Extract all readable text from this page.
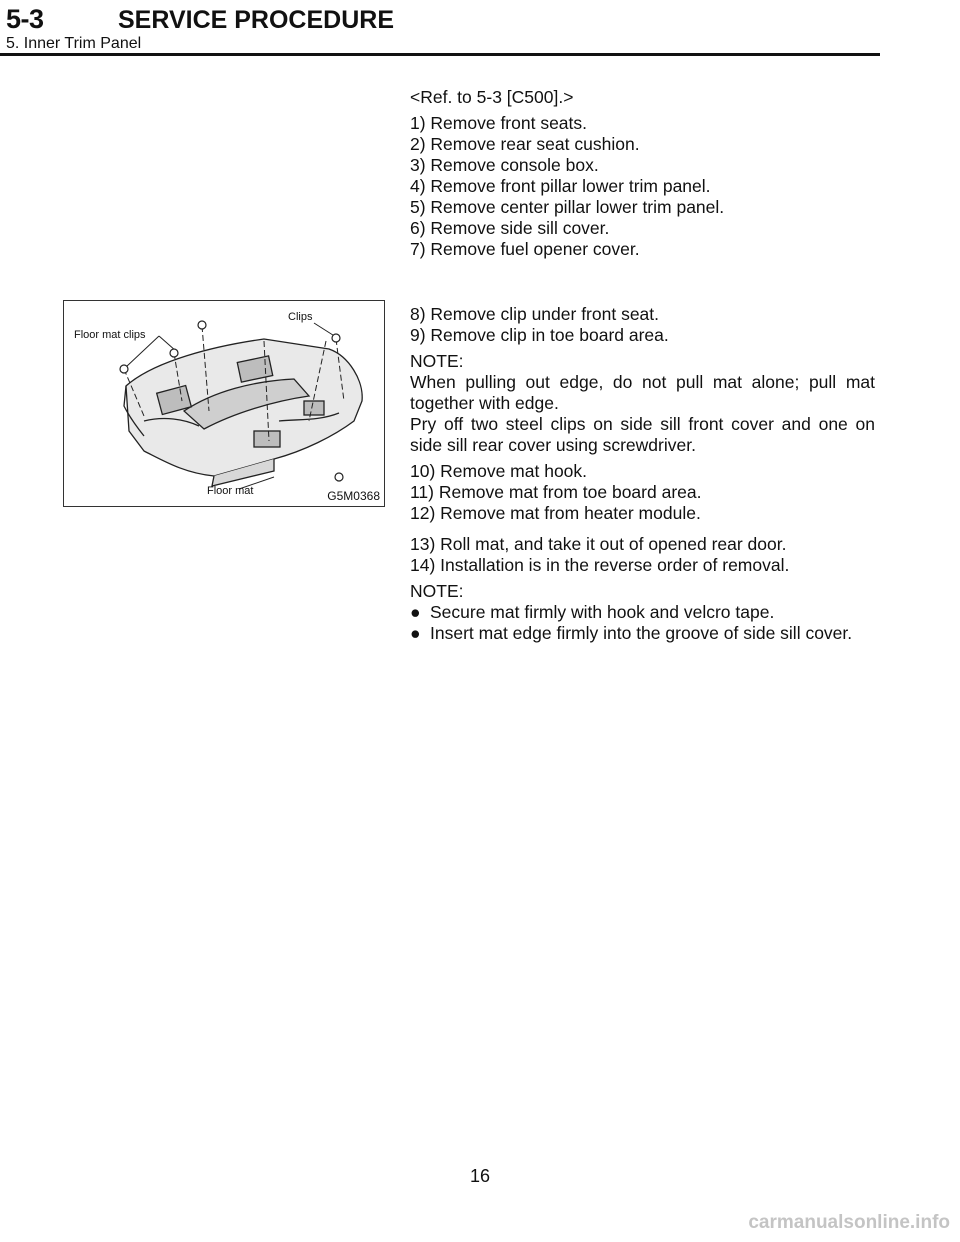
5-3	SERVICE PROCEDURE
5. Inner Trim Panel
<Ref. to 5-3 [C500].>
1) Remove front seats.
2) Remove rear seat cushion.
3) Remove console box.
4) Remove front pillar lower trim panel.
5) Remove center pillar lower trim panel.
6) Remove side sill cover.
7) Remove fuel opener cover.
Floor mat clips
Clips
Floor mat	G5M0368
8) Remove clip under front seat.
9) Remove clip in toe board area.
NOTE:
When pulling out edge, do not pull mat alone; pull mat
together with edge.
Pry off two steel clips on side sill front cover and one on
side sill rear cover using screwdriver.
10) Remove mat hook.
11) Remove mat from toe board area.
12) Remove mat from heater module.
13) Roll mat, and take it out of opened rear door.
14) Installation is in the reverse order of removal.
NOTE:
● Secure mat firmly with hook and velcro tape.
● Insert mat edge firmly into the groove of side sill cover.
16
carmanualsonline.info
